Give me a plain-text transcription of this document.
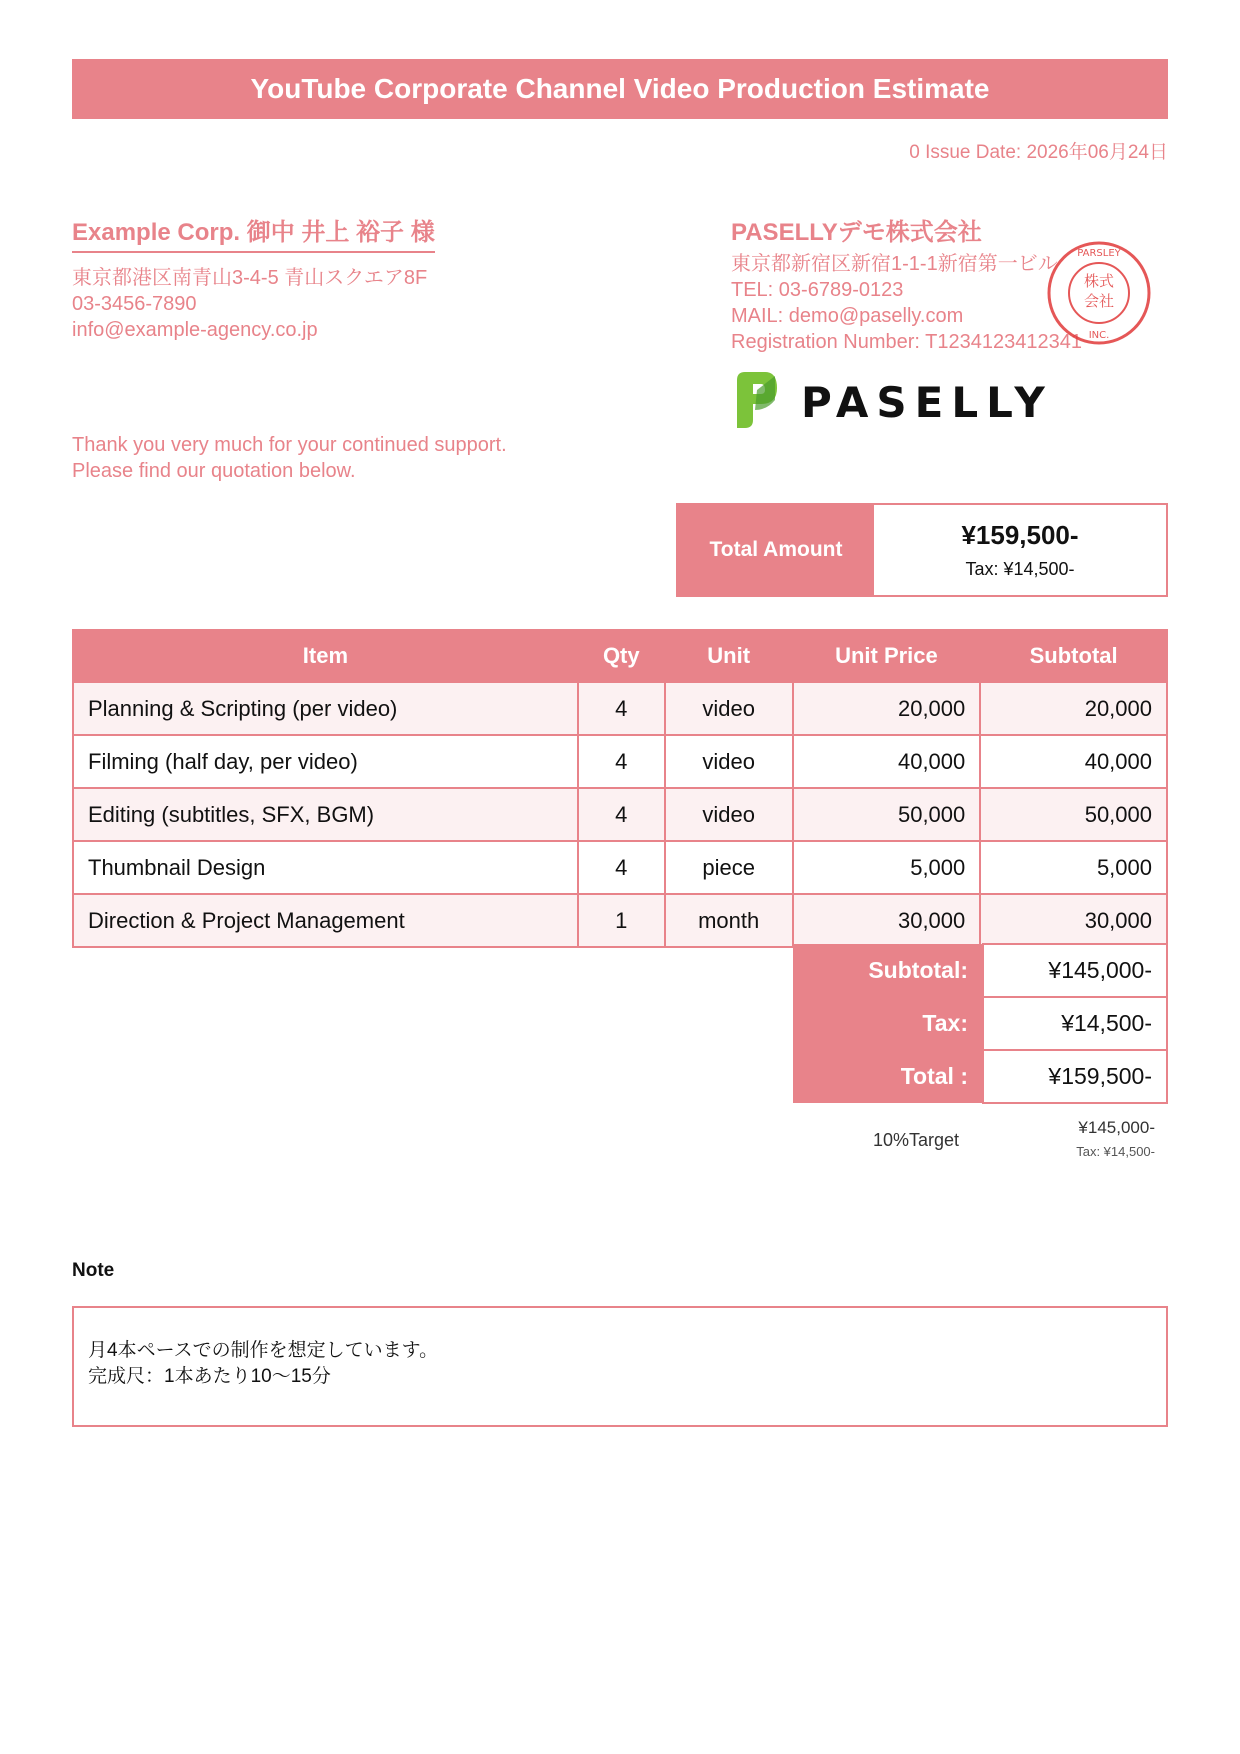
YouTube Corporate Channel Video Production Estimate
0 Issue Date: 2026年06月24日
Example Corp. 御中 井上 裕子 様
東京都港区南青山3-4-5 青山スクエア8F
03-3456-7890
info@example-agency.co.jp
PASELLYデモ株式会社
東京都新宿区新宿1-1-1新宿第一ビル
TEL: 03-6789-0123
MAIL: demo@paselly.com
Registration Number: T1234123412341
株式
会社
PARSLEY
INC.
PASELLY
Thank you very much for your continued support.
Please find our quotation below.
Total Amount	¥159,500-
Tax: ¥14,500-
Item	Qty	Unit	Unit Price	Subtotal
Planning & Scripting (per video)	4	video	20,000	20,000
Filming (half day, per video)	4	video	40,000	40,000
Editing (subtitles, SFX, BGM)	4	video	50,000	50,000
Thumbnail Design	4	piece	5,000	5,000
Direction & Project Management	1	month	30,000	30,000
Subtotal:	¥145,000-
Tax:	¥14,500-
Total :	¥159,500-
10%Target
¥145,000-
Tax: ¥14,500-
Note
月4本ペースでの制作を想定しています。
完成尺：1本あたり10〜15分
